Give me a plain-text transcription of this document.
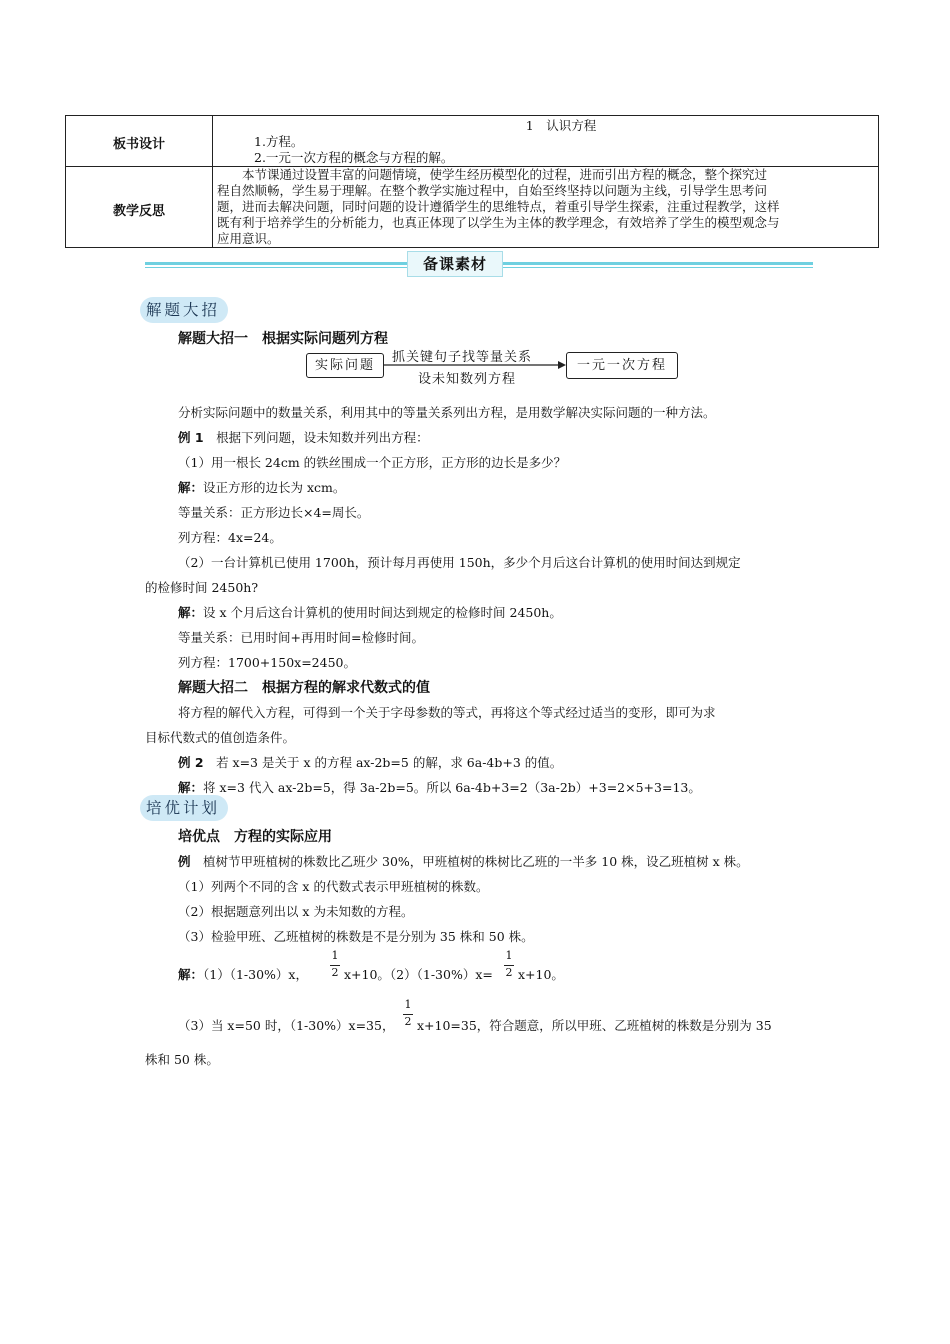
板书设计
1　认识方程
1.方程。
2.一元一次方程的概念与方程的解。
教学反思
本节课通过设置丰富的问题情境，使学生经历模型化的过程，进而引出方程的概念，整个探究过
程自然顺畅，学生易于理解。在整个教学实施过程中，自始至终坚持以问题为主线，引导学生思考问
题，进而去解决问题，同时问题的设计遵循学生的思维特点，着重引导学生探索，注重过程教学，这样
既有利于培养学生的分析能力，也真正体现了以学生为主体的教学理念，有效培养了学生的模型观念与
应用意识。
备课素材
解题大招
解题大招一　根据实际问题列方程
实际问题
抓关键句子找等量关系
设未知数列方程
一元一次方程
分析实际问题中的数量关系，利用其中的等量关系列出方程，是用数学解决实际问题的一种方法。
例 1　根据下列问题，设未知数并列出方程：
（1）用一根长 24cm 的铁丝围成一个正方形，正方形的边长是多少？
解：设正方形的边长为 xcm。
等量关系：正方形边长×4=周长。
列方程：4x=24。
（2）一台计算机已使用 1700h，预计每月再使用 150h，多少个月后这台计算机的使用时间达到规定
的检修时间 2450h?
解：设 x 个月后这台计算机的使用时间达到规定的检修时间 2450h。
等量关系：已用时间+再用时间=检修时间。
列方程：1700+150x=2450。
解题大招二　根据方程的解求代数式的值
将方程的解代入方程，可得到一个关于字母参数的等式，再将这个等式经过适当的变形，即可为求
目标代数式的值创造条件。
例 2　若 x=3 是关于 x 的方程 ax-2b=5 的解，求 6a-4b+3 的值。
解：将 x=3 代入 ax-2b=5，得 3a-2b=5。所以 6a-4b+3=2（3a-2b）+3=2×5+3=13。
培优计划
培优点　方程的实际应用
例　植树节甲班植树的株数比乙班少 30%，甲班植树的株树比乙班的一半多 10 株，设乙班植树 x 株。
（1）列两个不同的含 x 的代数式表示甲班植树的株数。
（2）根据题意列出以 x 为未知数的方程。
（3）检验甲班、乙班植树的株数是不是分别为 35 株和 50 株。
解：（1）（1-30%）x，
1
2 x+10。（2）（1-30%）x=
1
2 x+10。
（3）当 x=50 时，（1-30%）x=35，
1
2 x+10=35，符合题意，所以甲班、乙班植树的株数是分别为 35
株和 50 株。
